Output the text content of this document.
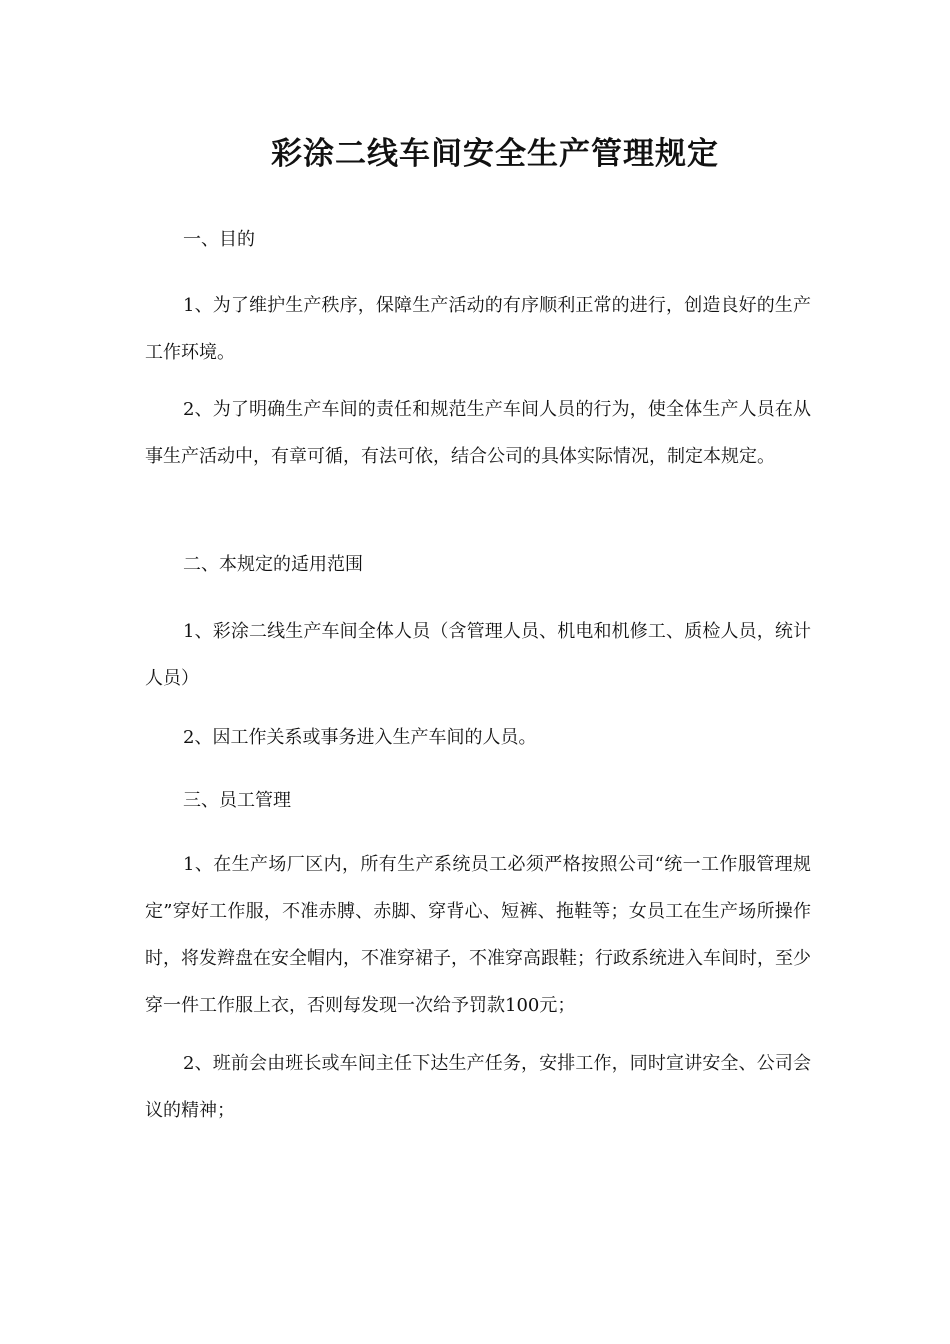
彩涂二线车间安全生产管理规定

一、目的

1、为了维护生产秩序，保障生产活动的有序顺利正常的进行，创造良好的生产工作环境。

2、为了明确生产车间的责任和规范生产车间人员的行为，使全体生产人员在从事生产活动中，有章可循，有法可依，结合公司的具体实际情况，制定本规定。

二、本规定的适用范围

1、彩涂二线生产车间全体人员（含管理人员、机电和机修工、质检人员，统计人员）

2、因工作关系或事务进入生产车间的人员。

三、员工管理

1、在生产场厂区内，所有生产系统员工必须严格按照公司“统一工作服管理规定”穿好工作服，不准赤膊、赤脚、穿背心、短裤、拖鞋等；女员工在生产场所操作时，将发辫盘在安全帽内，不准穿裙子，不准穿高跟鞋；行政系统进入车间时，至少穿一件工作服上衣，否则每发现一次给予罚款100元；

2、班前会由班长或车间主任下达生产任务，安排工作，同时宣讲安全、公司会议的精神；
